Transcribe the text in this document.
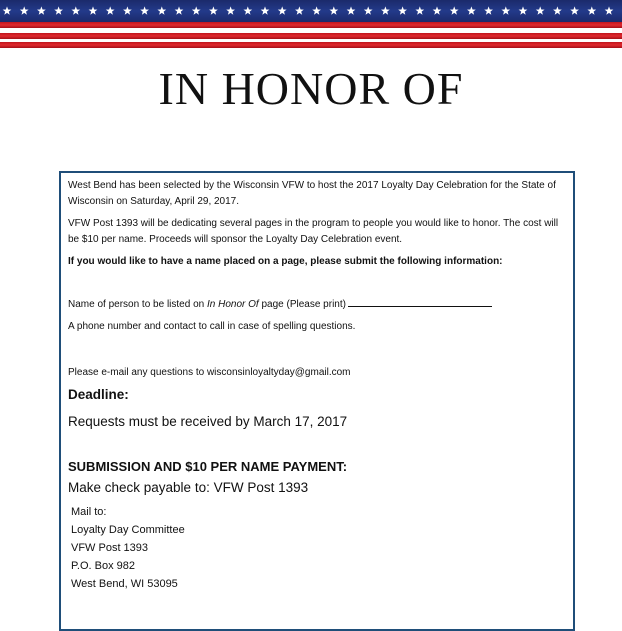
IN HONOR OF

West Bend has been selected by the Wisconsin VFW to host the 2017 Loyalty Day Celebration for the State of Wisconsin on Saturday, April 29, 2017.

VFW Post 1393 will be dedicating several pages in the program to people you would like to honor. The cost will be $10 per name. Proceeds will sponsor the Loyalty Day Celebration event.

If you would like to have a name placed on a page, please submit the following information:

Name of person to be listed on In Honor Of page (Please print)

A phone number and contact to call in case of spelling questions.

Please e-mail any questions to wisconsinloyaltyday@gmail.com

Deadline:

Requests must be received by March 17, 2017

SUBMISSION AND $10 PER NAME PAYMENT:

Make check payable to: VFW Post 1393

Mail to:
Loyalty Day Committee
VFW Post 1393
P.O. Box 982
West Bend, WI 53095
